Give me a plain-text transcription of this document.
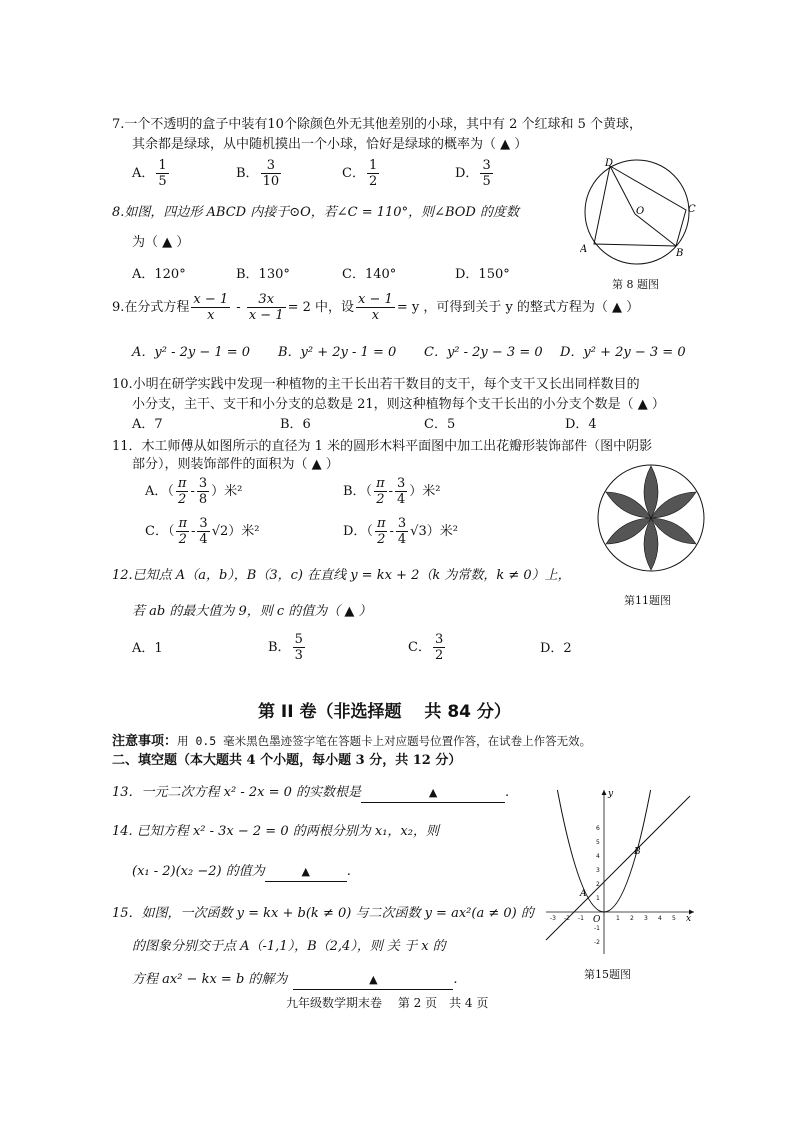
7.一个不透明的盒子中装有10个除颜色外无其他差别的小球，其中有 2 个红球和 5 个黄球，
其余都是绿球，从中随机摸出一个小球，恰好是绿球的概率为（ ▲ ）
A． $\frac{1}{5}$	B． $\frac{3}{10}$	C． $\frac{1}{2}$	D． $\frac{3}{5}$
8.如图，四边形 ABCD 内接于⊙O，若∠C = 110°，则∠BOD 的度数
为（ ▲ ）
A．120°	B．130°	C．140°	D．150°
D
O	C
A	B
第 8 题图
9.在分式方程 $\frac{x - 1}{x} - \frac{3x}{x - 1} = 2$ 中，设 $\frac{x - 1}{x} = y$ ，可得到关于 y 的整式方程为（ ▲ ）
A．y² - 2y − 1 = 0 B．y² + 2y - 1 = 0 C．y² - 2y − 3 = 0 D．y² + 2y − 3 = 0
10.小明在研学实践中发现一种植物的主干长出若干数目的支干，每个支干又长出同样数目的
小分支，主干、支干和小分支的总数是 21，则这种植物每个支干长出的小分支个数是（ ▲ ）
A．7	B．6	C．5	D．4
11．木工师傅从如图所示的直径为 1 米的圆形木料平面图中加工出花瓣形装饰部件（图中阴影
部分），则装饰部件的面积为（ ▲ ）
A．（ $\frac{\pi}{2} - \frac{3}{8}$ ）米²	B．（ $\frac{\pi}{2} - \frac{3}{4}$ ）米²
C．（ $\frac{\pi}{2} - \frac{3}{4} √2$）米²	D．（ $\frac{\pi}{2} - \frac{3}{4} √3$）米²
第11题图
12.已知点 A（a，b），B（3，c) 在直线 y = kx + 2（k 为常数，k ≠ 0）上，
若 ab 的最大值为 9，则 c 的值为（ ▲ ）
A．1	B． $\frac{5}{3}$	C． $\frac{3}{2}$	D．2
第 II 卷（非选择题　 共 84 分）
注意事项：用 0.5 毫米黑色墨迹签字笔在答题卡上对应题号位置作答，在试卷上作答无效。
二、填空题（本大题共 4 个小题，每小题 3 分，共 12 分）
13．一元二次方程 x² - 2x = 0 的实数根是	▲	.
14. 已知方程 x² - 3x − 2 = 0 的两根分别为 x₁，x₂，则
(x₁ - 2)(x₂ −2) 的值为	▲	.
15．如图，一次函数 y = kx + b(k ≠ 0) 与二次函数 y = ax²(a ≠ 0) 的
的图象分别交于点 A（-1,1），B（2,4），则 关 于 x 的
方程 ax² − kx = b 的解为	▲	.
-3 -2 -1	1 2 3 4 5
6
5
4
3
2
1
-1
-2
y
x
O
A
B
第15题图
九年级数学期末卷　 第 2 页　共 4 页
